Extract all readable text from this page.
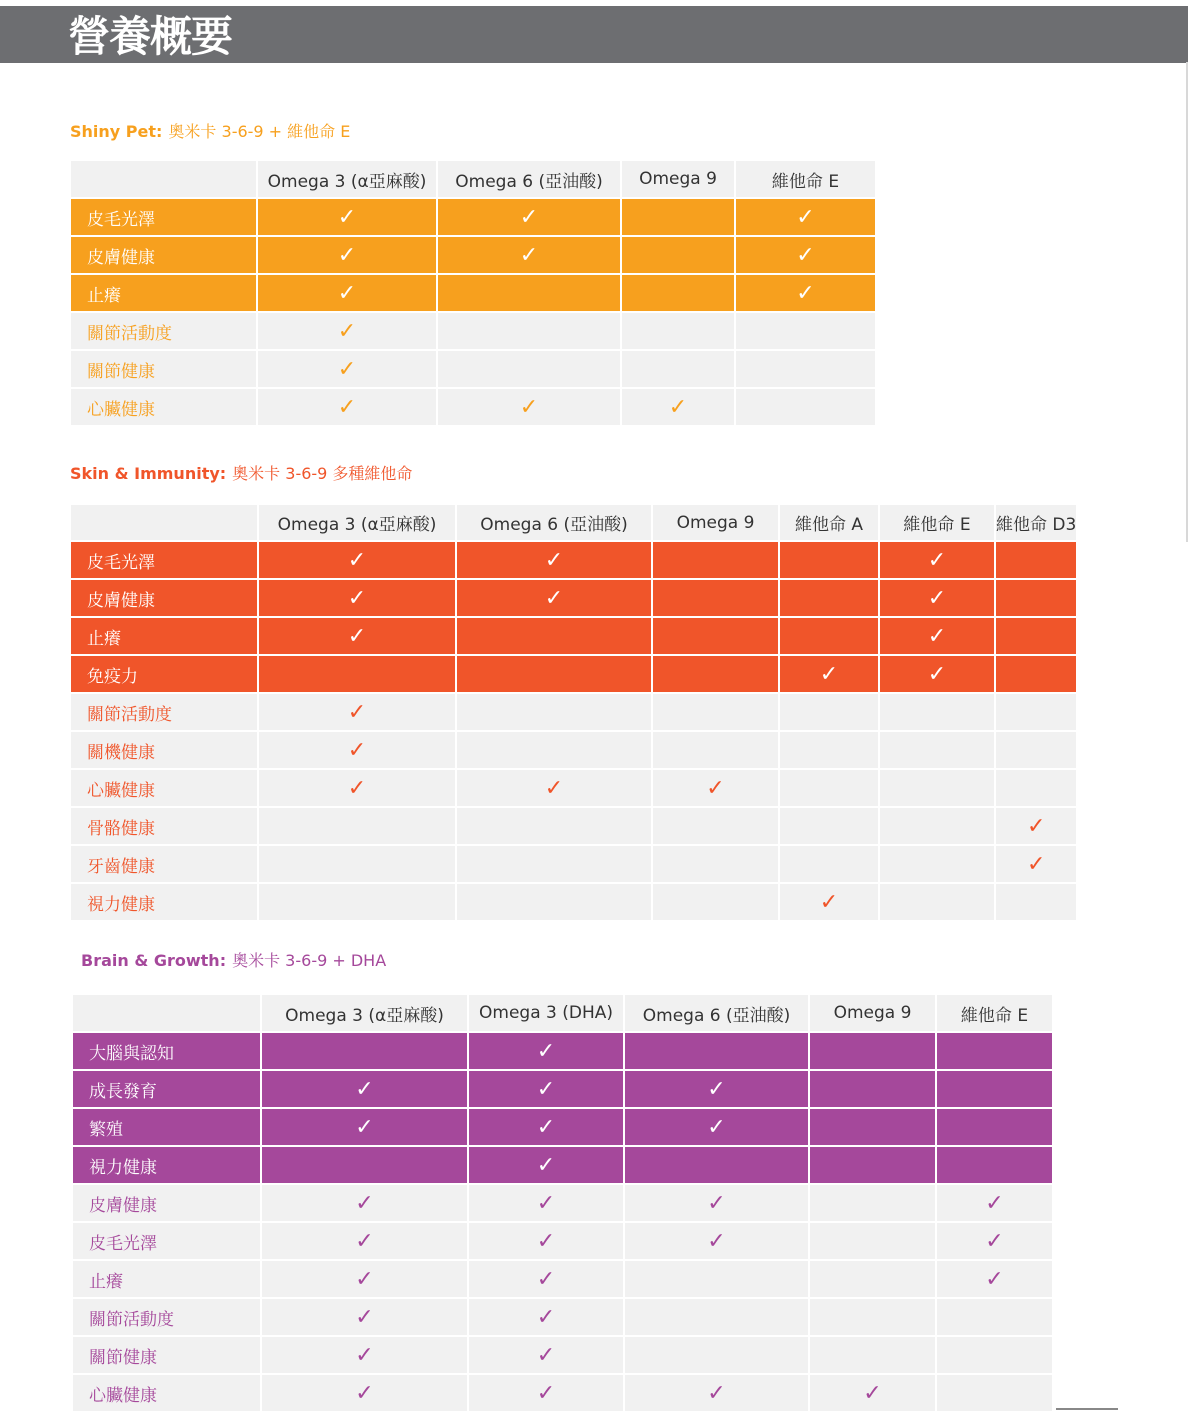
營養概要
Shiny Pet: 奧米卡 3-6-9 + 維他命 E
	Omega 3 (α亞麻酸)	Omega 6 (亞油酸)	Omega 9	維他命 E
皮毛光澤	✓	✓		✓
皮膚健康	✓	✓		✓
止癢	✓			✓
關節活動度	✓			
關節健康	✓			
心臟健康	✓	✓	✓	
Skin & Immunity: 奧米卡 3-6-9 多種維他命
	Omega 3 (α亞麻酸)	Omega 6 (亞油酸)	Omega 9	維他命 A	維他命 E	維他命 D3
皮毛光澤	✓	✓			✓	
皮膚健康	✓	✓			✓	
止癢	✓				✓	
免疫力				✓	✓	
關節活動度	✓					
關機健康	✓					
心臟健康	✓	✓	✓			
骨骼健康						✓
牙齒健康						✓
視力健康				✓		
Brain & Growth: 奧米卡 3-6-9 + DHA
	Omega 3 (α亞麻酸)	Omega 3 (DHA)	Omega 6 (亞油酸)	Omega 9	維他命 E
大腦與認知		✓			
成長發育	✓	✓	✓		
繁殖	✓	✓	✓		
視力健康		✓			
皮膚健康	✓	✓	✓		✓
皮毛光澤	✓	✓	✓		✓
止癢	✓	✓			✓
關節活動度	✓	✓			
關節健康	✓	✓			
心臟健康	✓	✓	✓	✓	
